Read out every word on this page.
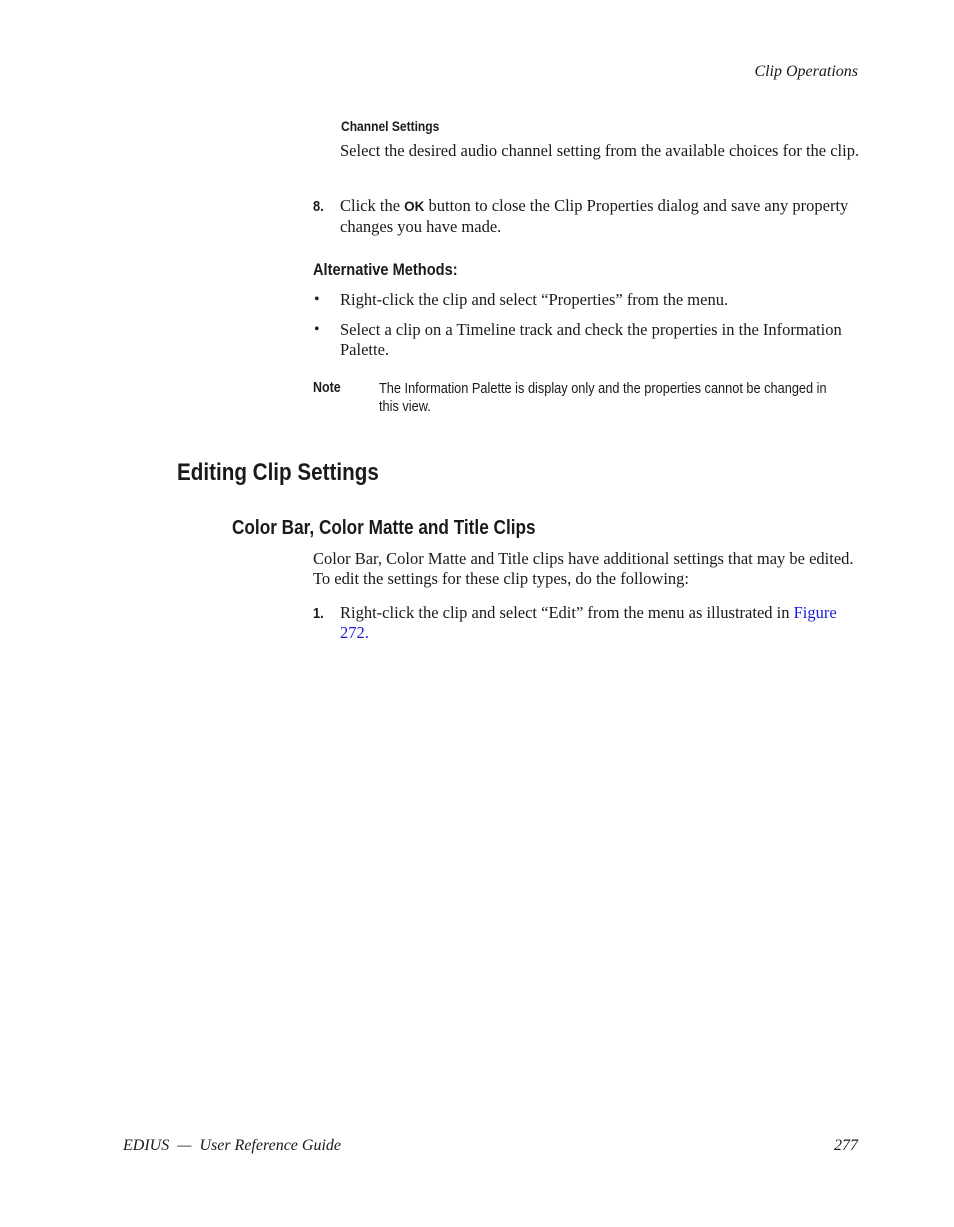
Clip Operations
Channel Settings
Select the desired audio channel setting from the available choices for the clip.
8. Click the OK button to close the Clip Properties dialog and save any property changes you have made.
Alternative Methods:
• Right-click the clip and select “Properties” from the menu.
• Select a clip on a Timeline track and check the properties in the Information Palette.
Note	The Information Palette is display only and the properties cannot be changed in this view.
Editing Clip Settings
Color Bar, Color Matte and Title Clips
Color Bar, Color Matte and Title clips have additional settings that may be edited. To edit the settings for these clip types, do the following:
1. Right-click the clip and select “Edit” from the menu as illustrated in Figure 272.
EDIUS  —  User Reference Guide	277
